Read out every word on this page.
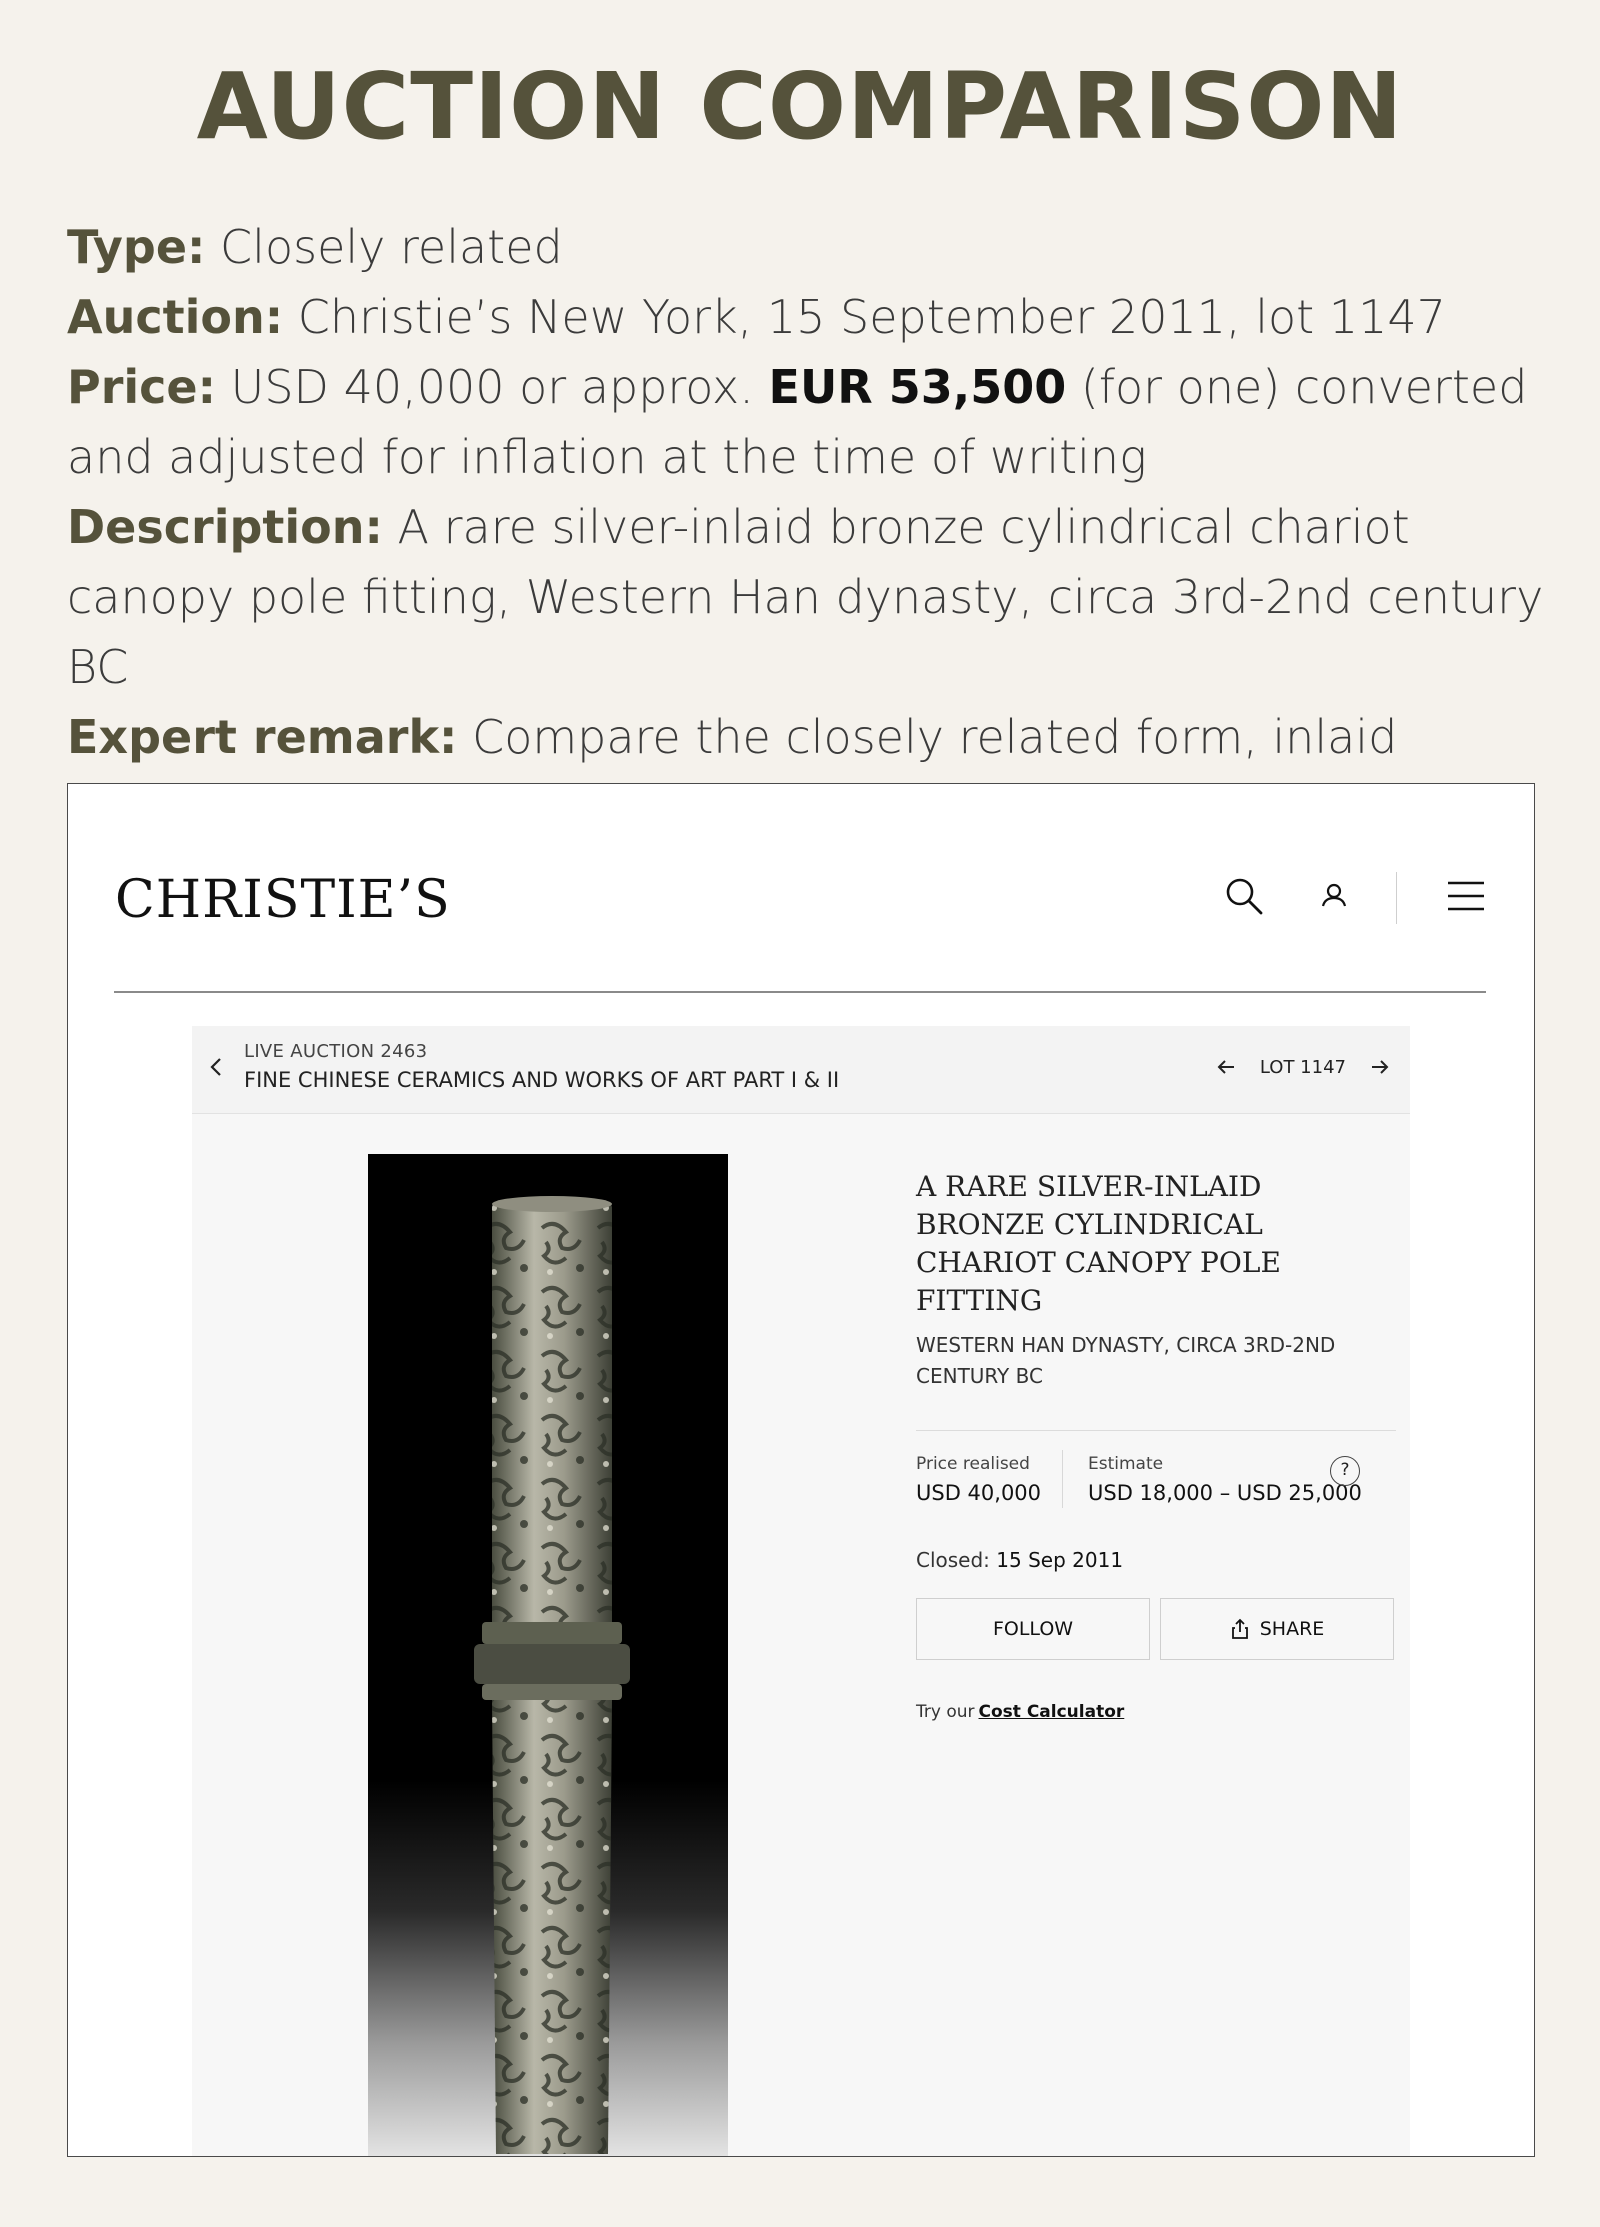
AUCTION COMPARISON

Type: Closely related

Auction: Christie’s New York, 15 September 2011, lot 1147

Price: USD 40,000 or approx. EUR 53,500 (for one) converted and adjusted for inflation at the time of writing

Description: A rare silver-inlaid bronze cylindrical chariot canopy pole fitting, Western Han dynasty, circa 3rd-2nd century BC

Expert remark: Compare the closely related form, inlaid

CHRISTIE’S
LIVE AUCTION 2463
FINE CHINESE CERAMICS AND WORKS OF ART PART I & II
LOT 1147
A RARE SILVER-INLAID BRONZE CYLINDRICAL CHARIOT CANOPY POLE FITTING
WESTERN HAN DYNASTY, CIRCA 3RD-2ND CENTURY BC
Price realised
USD 40,000
Estimate
USD 18,000 – USD 25,000
?
Closed: 15 Sep 2011
FOLLOW	SHARE
Try our Cost Calculator
